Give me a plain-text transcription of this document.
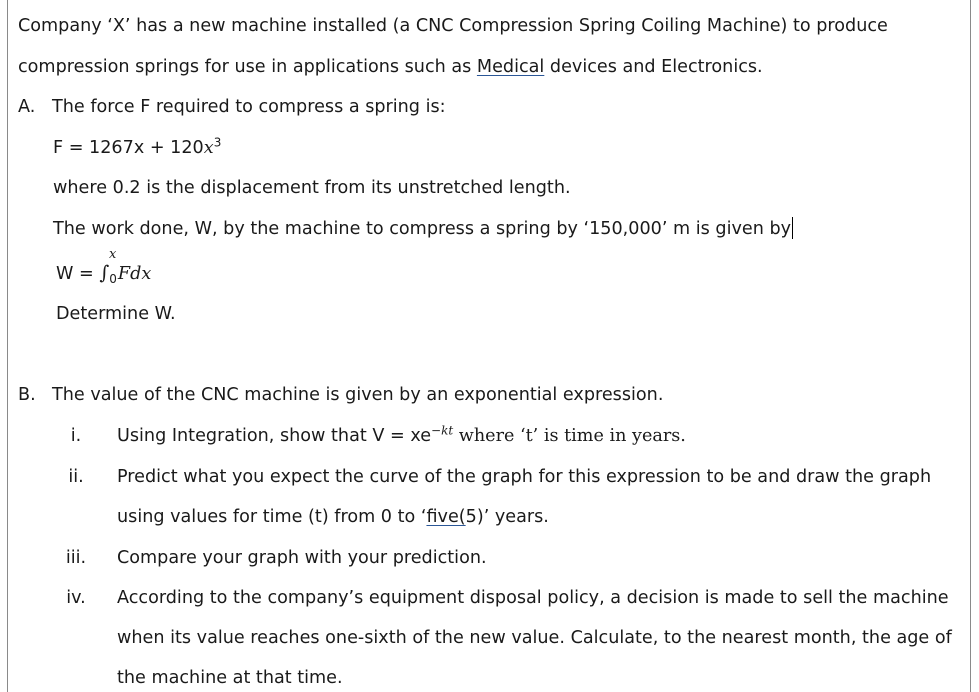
Company ‘X’ has a new machine installed (a CNC Compression Spring Coiling Machine) to produce
compression springs for use in applications such as Medical devices and Electronics.
A. The force F required to compress a spring is:
$F = 1267x + 120x^3$
where 0.2 is the displacement from its unstretched length.
The work done, W, by the machine to compress a spring by ‘150,000’ m is given by
$W = \int_0Fdx$
x
Determine W.
B. The value of the CNC machine is given by an exponential expression.
i.	Using Integration, show that $V = xe^{-kt}$ where ‘t’ is time in years.
ii.	Predict what you expect the curve of the graph for this expression to be and draw the graph
using values for time (t) from 0 to ‘five(5)’ years.
iii.	Compare your graph with your prediction.
iv.	According to the company’s equipment disposal policy, a decision is made to sell the machine
when its value reaches one-sixth of the new value. Calculate, to the nearest month, the age of
the machine at that time.
